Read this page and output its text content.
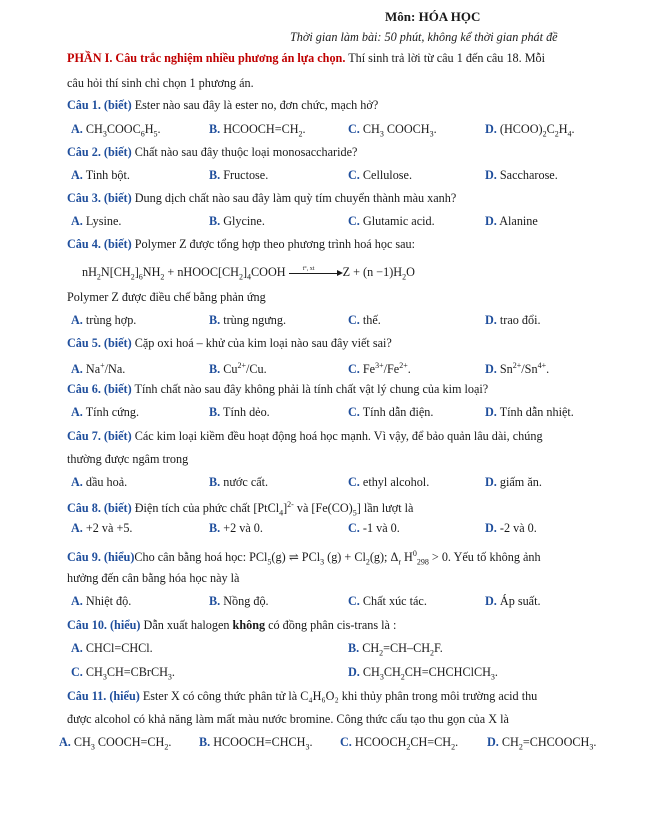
Môn: HÓA HỌC
Thời gian làm bài: 50 phút, không kể thời gian phát đề
PHẦN I. Câu trắc nghiệm nhiều phương án lựa chọn. Thí sinh trả lời từ câu 1 đến câu 18. Mỗi
câu hỏi thí sinh chỉ chọn 1 phương án.
Câu 1. (biết) Ester nào sau đây là ester no, đơn chức, mạch hở?
A. $CH_3COOC_6H_5$.	B. $HCOOCH=CH_2$.	C. $CH_3$ $COOCH_3$.	D. $(HCOO)_2C_2H_4$.
Câu 2. (biết) Chất nào sau đây thuộc loại monosaccharide?
A. Tinh bột.	B. Fructose.	C. Cellulose.	D. Saccharose.
Câu 3. (biết) Dung dịch chất nào sau đây làm quỳ tím chuyển thành màu xanh?
A. Lysine.	B. Glycine.	C. Glutamic acid.	D. Alanine
Câu 4. (biết) Polymer Z được tổng hợp theo phương trình hoá học sau:
$nH_2N[CH_2]_6NH_2$ + $nHOOC[CH_2]_4COOH$ t°, xt $Z + (n -1)H_2O$
Polymer Z được điều chế bằng phản ứng
A. trùng hợp.	B. trùng ngưng.	C. thế.	D. trao đổi.
Câu 5. (biết) Cặp oxi hoá – khử của kim loại nào sau đây viết sai?
A. Na+/Na.	B. $Cu^{2+}/Cu$.	C. $Fe^{3+}/Fe^{2+}$.	D. $Sn^{2+}/Sn^{4+}$.
Câu 6. (biết) Tính chất nào sau đây không phải là tính chất vật lý chung của kim loại?
A. Tính cứng.	B. Tính dẻo.	C. Tính dẫn điện.	D. Tính dẫn nhiệt.
Câu 7. (biết) Các kim loại kiềm đều hoạt động hoá học mạnh. Vì vậy, để bảo quản lâu dài, chúng
thường được ngâm trong
A. dầu hoả.	B. nước cất.	C. ethyl alcohol.	D. giấm ăn.
Câu 8. (biết) Điện tích của phức chất [PtCl$_4$]$^{2-}$ và $[Fe(CO)_5]$ lần lượt là
A. +2 và +5.	B. +2 và 0.	C. -1 và 0.	D. -2 và 0.
Câu 9. (hiểu)Cho cân bằng hoá học: PCl$_5$(g) ⇌ PCl$_3$ $(g) + Cl_2(g)$; $\Delta_r$ $H^0_{298} > 0$. Yếu tố không ảnh
hưởng đến cân bằng hóa học này là
A. Nhiệt độ.	B. Nồng độ.	C. Chất xúc tác.	D. Áp suất.
Câu 10. (hiểu) Dẫn xuất halogen không có đồng phân cis-trans là :
A. CHCl=CHCl.	B. $CH_2=CH-CH_2F$.
C. $CH_3CH=CBrCH_3$.	D. $CH_3CH_2CH=CHCHClCH_3$.
Câu 11. (hiểu) Ester X có công thức phân tử là C₄H₆O₂ khi thủy phân trong môi trường acid thu
được alcohol có khả năng làm mất màu nước bromine. Công thức cấu tạo thu gọn của X là
A. $CH_3$ $COOCH=CH_2$. B. $HCOOCH=CHCH_3$. C. $HCOOCH_2CH=CH_2$. D. $CH_2=CHCOOCH_3$.
